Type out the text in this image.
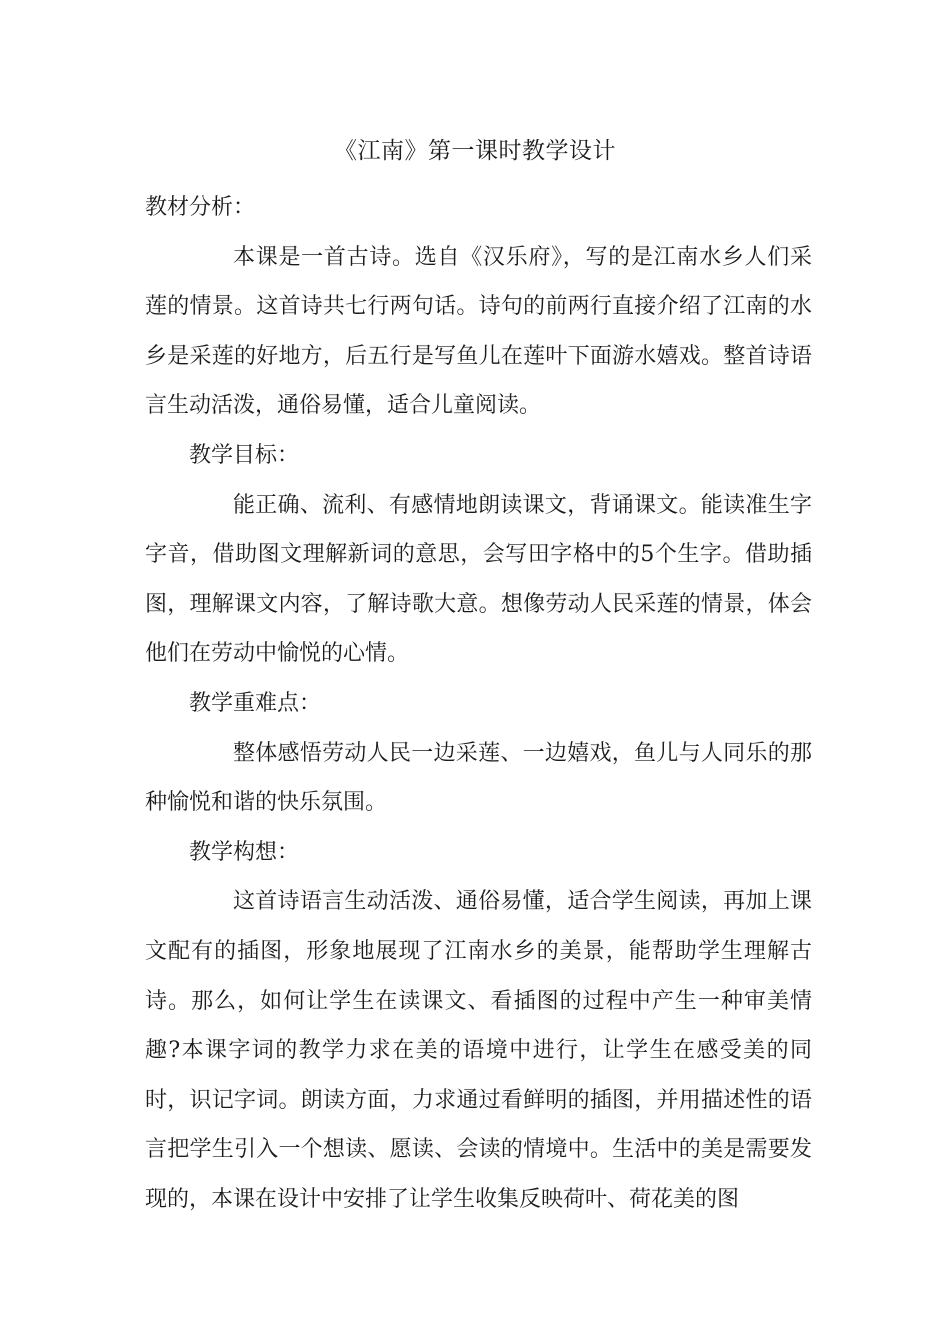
《江南》第一课时教学设计

教材分析：

本课是一首古诗。选自《汉乐府》，写的是江南水乡人们采莲的情景。这首诗共七行两句话。诗句的前两行直接介绍了江南的水乡是采莲的好地方，后五行是写鱼儿在莲叶下面游水嬉戏。整首诗语言生动活泼，通俗易懂，适合儿童阅读。

教学目标：

能正确、流利、有感情地朗读课文，背诵课文。能读准生字字音，借助图文理解新词的意思，会写田字格中的5个生字。借助插图，理解课文内容，了解诗歌大意。想像劳动人民采莲的情景，体会他们在劳动中愉悦的心情。

教学重难点：

整体感悟劳动人民一边采莲、一边嬉戏，鱼儿与人同乐的那种愉悦和谐的快乐氛围。

教学构想：

这首诗语言生动活泼、通俗易懂，适合学生阅读，再加上课文配有的插图，形象地展现了江南水乡的美景，能帮助学生理解古诗。那么，如何让学生在读课文、看插图的过程中产生一种审美情趣?本课字词的教学力求在美的语境中进行，让学生在感受美的同时，识记字词。朗读方面，力求通过看鲜明的插图，并用描述性的语言把学生引入一个想读、愿读、会读的情境中。生活中的美是需要发现的，本课在设计中安排了让学生收集反映荷叶、荷花美的图
